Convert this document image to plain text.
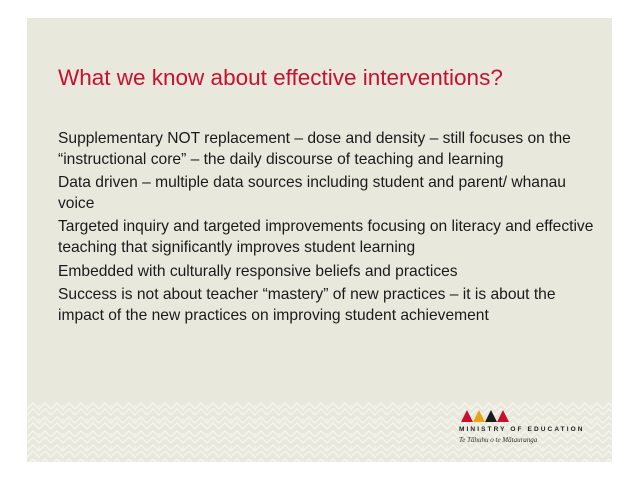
What we know about effective interventions?
Supplementary NOT replacement – dose and density – still focuses on the “instructional core” – the daily discourse of teaching and learning
Data driven – multiple data sources including student and parent/ whanau voice
Targeted inquiry and targeted improvements focusing on literacy and effective teaching that significantly improves student learning
Embedded with culturally responsive beliefs and practices
Success is not about teacher “mastery” of new practices – it is about the impact of the new practices on improving student achievement
MINISTRY OF EDUCATION
Te Tāhuhu o te Mātauranga
